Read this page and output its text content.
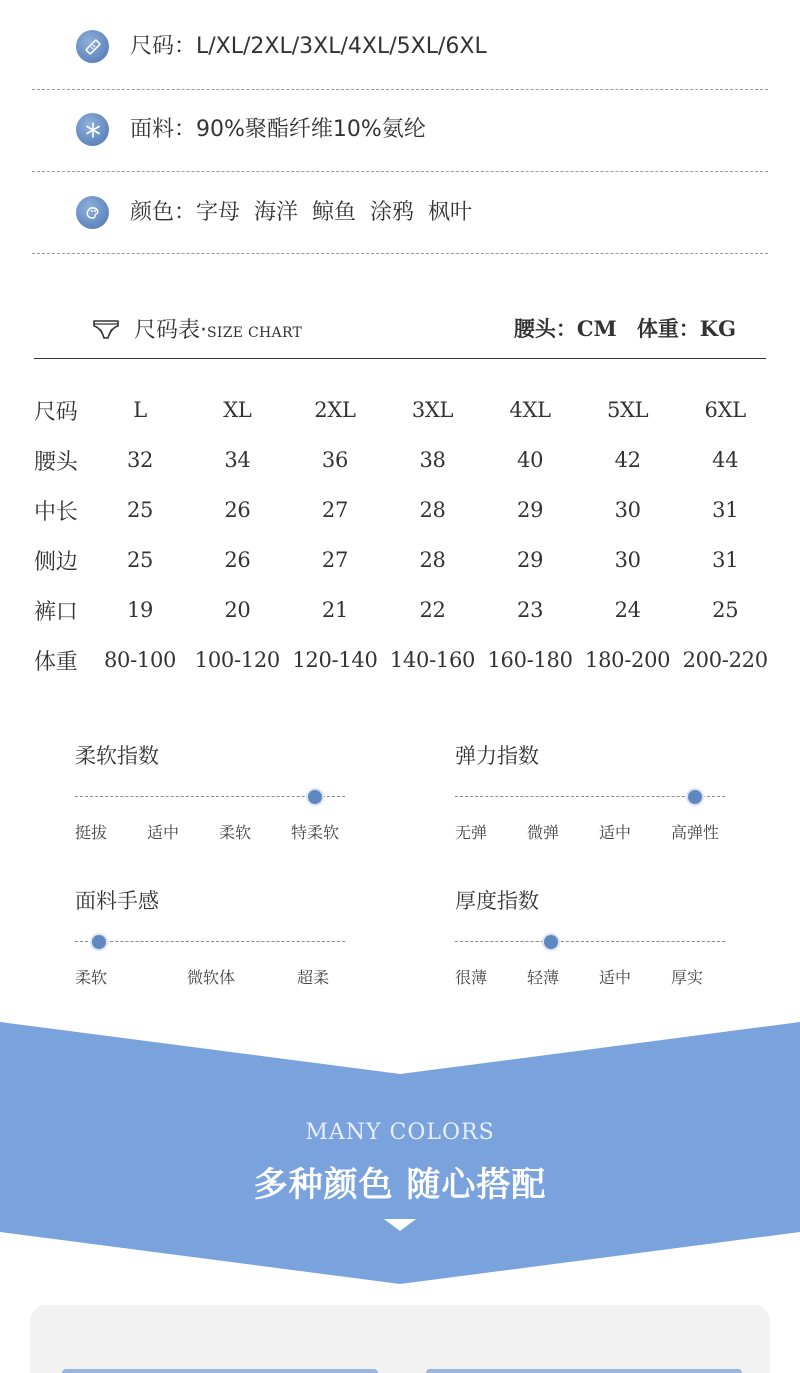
尺码：L/XL/2XL/3XL/4XL/5XL/6XL
面料：90%聚酯纤维10%氨纶
颜色：字母  海洋  鲸鱼  涂鸦  枫叶
尺码表·SIZE CHART	腰头：CM 体重：KG
尺码	L	XL	2XL	3XL	4XL	5XL	6XL
腰头	32	34	36	38	40	42	44
中长	25	26	27	28	29	30	31
侧边	25	26	27	28	29	30	31
裤口	19	20	21	22	23	24	25
体重	80-100	100-120	120-140	140-160	160-180	180-200	200-220
柔软指数
挺拔 适中 柔软 特柔软
弹力指数
无弹 微弹 适中 高弹性
面料手感
柔软	微软体	超柔
厚度指数
很薄 轻薄 适中 厚实
MANY COLORS
多种颜色 随心搭配
